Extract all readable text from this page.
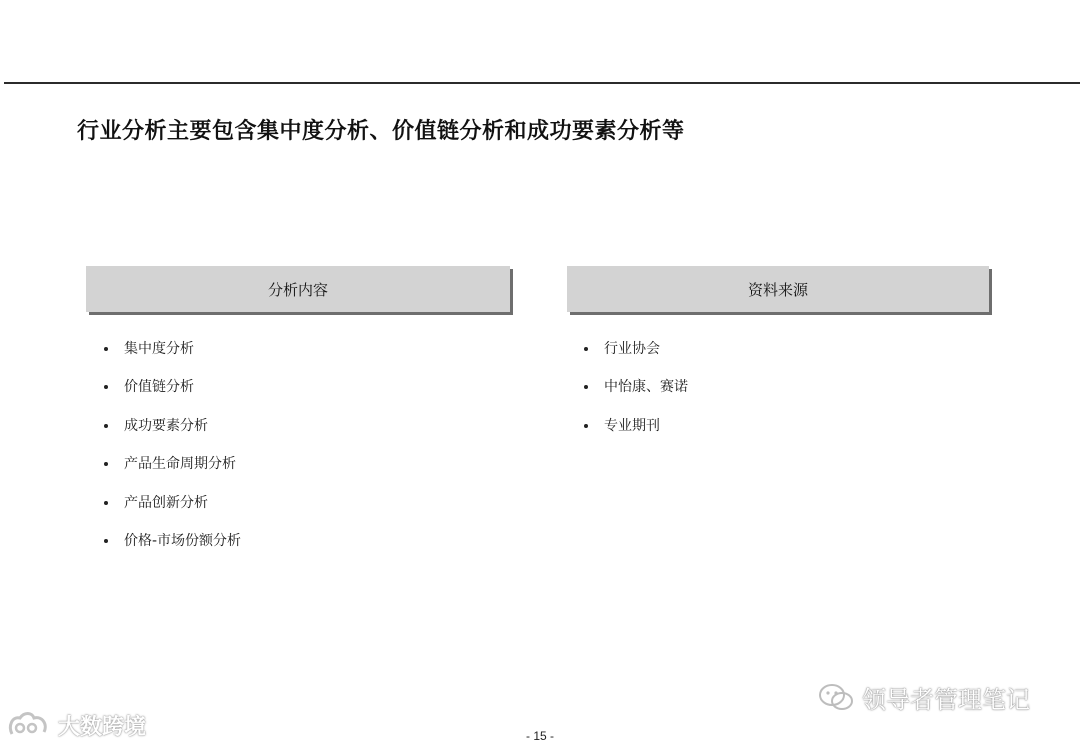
行业分析主要包含集中度分析、价值链分析和成功要素分析等
分析内容	资料来源
集中度分析
价值链分析
成功要素分析
产品生命周期分析
产品创新分析
价格-市场份额分析
行业协会
中怡康、赛诺
专业期刊
领导者管理笔记
大数跨境	- 15 -
